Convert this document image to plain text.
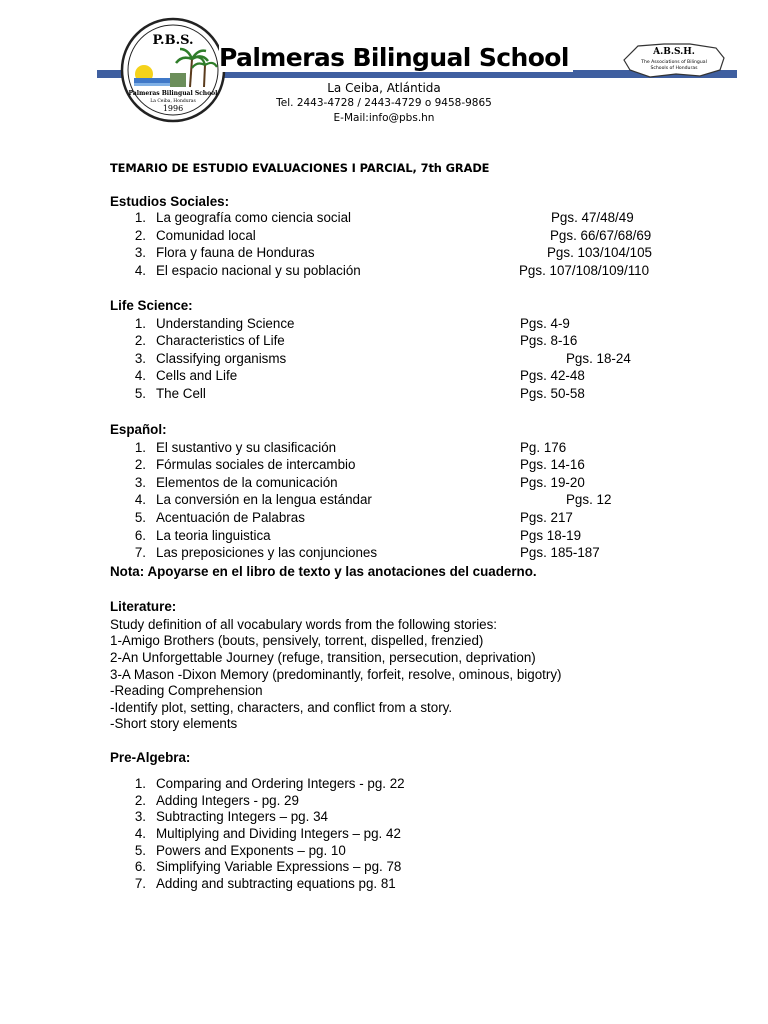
P.B.S.
Palmeras Bilingual School
La Ceiba, Honduras
1996
Palmeras Bilingual School	A.B.S.H.
The Associations of Bilingual
Schools of Honduras
La Ceiba, Atlántida
Tel. 2443-4728 / 2443-4729 o 9458-9865
E-Mail:info@pbs.hn
TEMARIO DE ESTUDIO EVALUACIONES I PARCIAL, 7th GRADE
Estudios Sociales:
1. La geografía como ciencia social	Pgs. 47/48/49
2. Comunidad local	Pgs. 66/67/68/69
3. Flora y fauna de Honduras	Pgs. 103/104/105
4. El espacio nacional y su población	Pgs. 107/108/109/110
Life Science:
1. Understanding Science	Pgs. 4-9
2. Characteristics of Life	Pgs. 8-16
3. Classifying organisms	Pgs. 18-24
4. Cells and Life	Pgs. 42-48
5. The Cell	Pgs. 50-58
Español:
1. El sustantivo y su clasificación	Pg. 176
2. Fórmulas sociales de intercambio	Pgs. 14-16
3. Elementos de la comunicación	Pgs. 19-20
4. La conversión en la lengua estándar	Pgs. 12
5. Acentuación de Palabras	Pgs. 217
6. La teoria linguistica	Pgs 18-19
7. Las preposiciones y las conjunciones	Pgs. 185-187
Nota: Apoyarse en el libro de texto y las anotaciones del cuaderno.
Literature:
Study definition of all vocabulary words from the following stories:
1-Amigo Brothers (bouts, pensively, torrent, dispelled, frenzied)
2-An Unforgettable Journey (refuge, transition, persecution, deprivation)
3-A Mason -Dixon Memory (predominantly, forfeit, resolve, ominous, bigotry)
-Reading Comprehension
-Identify plot, setting, characters, and conflict from a story.
-Short story elements
Pre-Algebra:
1. Comparing and Ordering Integers - pg. 22
2. Adding Integers - pg. 29
3. Subtracting Integers – pg. 34
4. Multiplying and Dividing Integers – pg. 42
5. Powers and Exponents – pg. 10
6. Simplifying Variable Expressions – pg. 78
7. Adding and subtracting equations pg. 81
